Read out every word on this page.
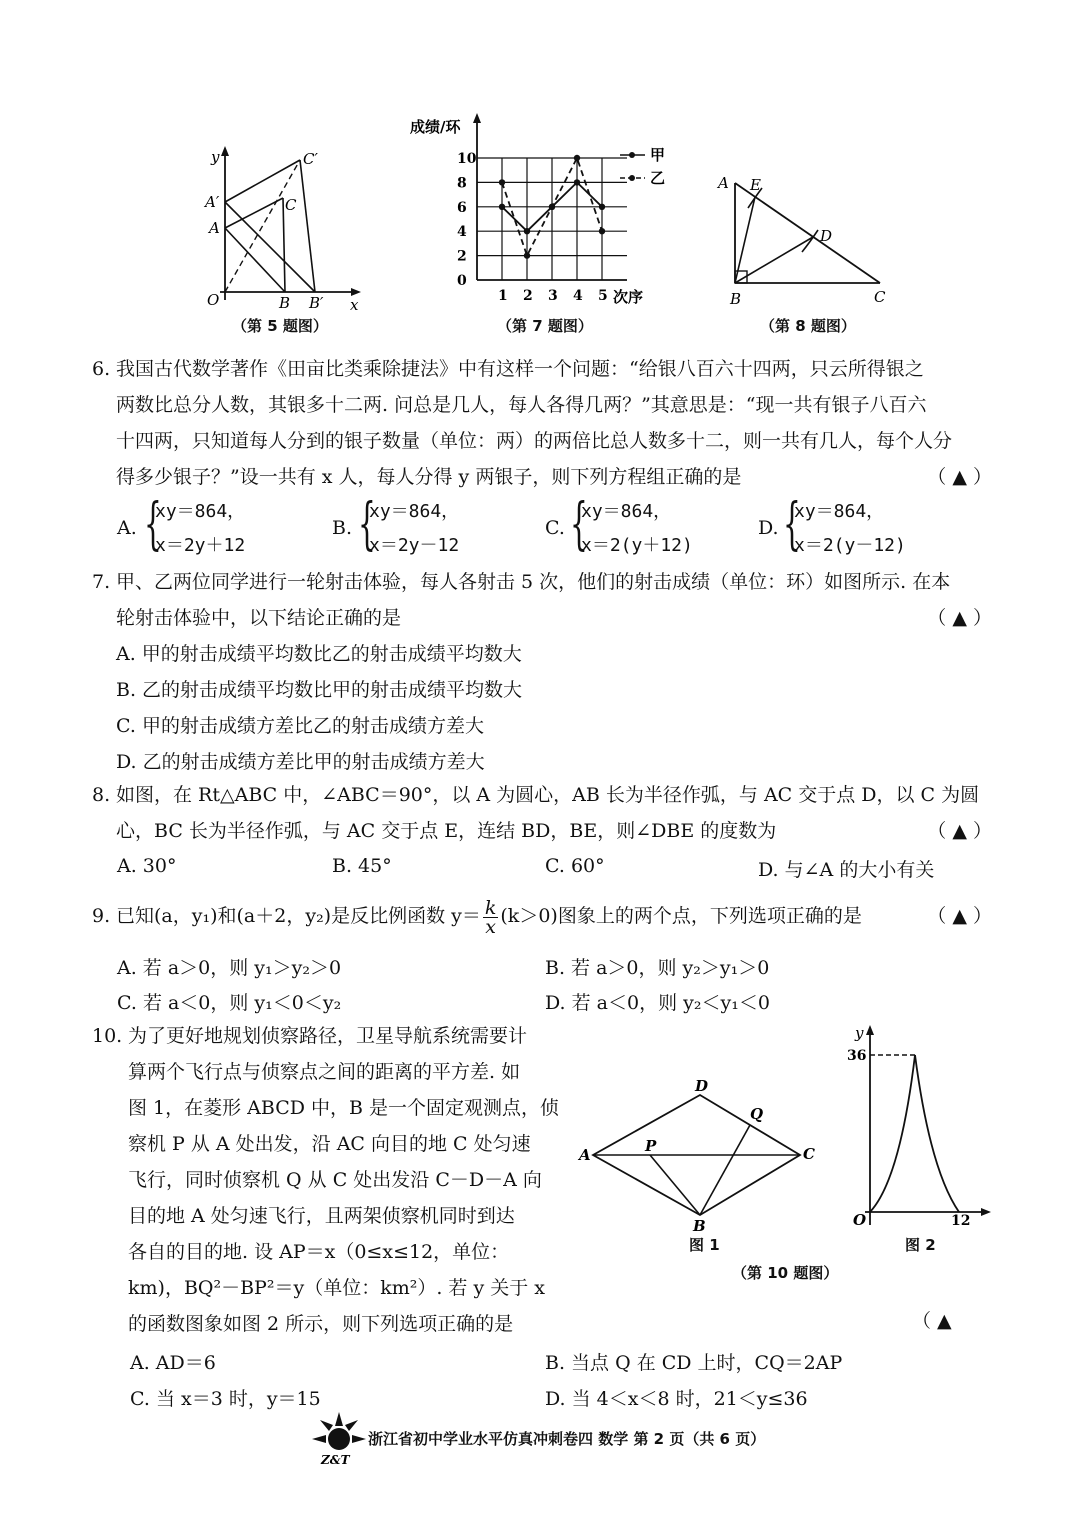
y
x
O	B B′
A
A′	C
C′
（第 5 题图）
0
2
4
6
8
10
1 2 3 4 5
成绩/环
次序
甲
乙
（第 7 题图）
A E
D
B	C
（第 8 题图）
6. 我国古代数学著作《田亩比类乘除捷法》中有这样一个问题：“给银八百六十四两，只云所得银之
两数比总分人数，其银多十二两. 问总是几人，每人各得几两？”其意思是：“现一共有银子八百六
十四两，只知道每人分到的银子数量（单位：两）的两倍比总人数多十二，则一共有几人，每个人分
得多少银子？”设一共有 x 人，每人分得 y 两银子，则下列方程组正确的是	（ ▲ ）
A. {
xy＝864，
x＝2y＋12
B. {
xy＝864，
x＝2y－12
C. {
xy＝864，
x＝2(y＋12)
D. {
xy＝864，
x＝2(y－12)
7. 甲、乙两位同学进行一轮射击体验，每人各射击 5 次，他们的射击成绩（单位：环）如图所示. 在本
轮射击体验中，以下结论正确的是	（ ▲ ）
A. 甲的射击成绩平均数比乙的射击成绩平均数大
B. 乙的射击成绩平均数比甲的射击成绩平均数大
C. 甲的射击成绩方差比乙的射击成绩方差大
D. 乙的射击成绩方差比甲的射击成绩方差大
8. 如图，在 Rt△ABC 中，∠ABC＝90°，以 A 为圆心，AB 长为半径作弧，与 AC 交于点 D，以 C 为圆
心，BC 长为半径作弧，与 AC 交于点 E，连结 BD，BE，则∠DBE 的度数为	（ ▲ ）
A. 30°	B. 45°	C. 60°	D. 与∠A 的大小有关
9. 已知(a，y₁)和(a＋2，y₂)是反比例函数 $y= \frac{k}{x} (k>0)$图象上的两个点，下列选项正确的是	（ ▲ ）
A. 若 a＞0，则 y₁＞y₂＞0	B. 若 a＞0，则 y₂＞y₁＞0
C. 若 a＜0，则 y₁＜0＜y₂	D. 若 a＜0，则 y₂＜y₁＜0
10. 为了更好地规划侦察路径，卫星导航系统需要计
算两个飞行点与侦察点之间的距离的平方差. 如
图 1，在菱形 ABCD 中，B 是一个固定观测点，侦
察机 P 从 A 处出发，沿 AC 向目的地 C 处匀速
飞行，同时侦察机 Q 从 C 处出发沿 C－D－A 向
目的地 A 处匀速飞行，且两架侦察机同时到达
各自的目的地. 设 AP＝x（0≤x≤12，单位：
km)，BQ²－BP²＝y（单位：km²）. 若 y 关于 x
的函数图象如图 2 所示，则下列选项正确的是	（ ▲
A
D
C
B
P
Q
图 1
y
36
O	12
图 2
（第 10 题图）
A. AD＝6	B. 当点 Q 在 CD 上时，CQ＝2AP
C. 当 x＝3 时，y＝15	D. 当 4＜x＜8 时，21＜y≤36
Z&T
浙江省初中学业水平仿真冲刺卷四 数学 第 2 页（共 6 页）
